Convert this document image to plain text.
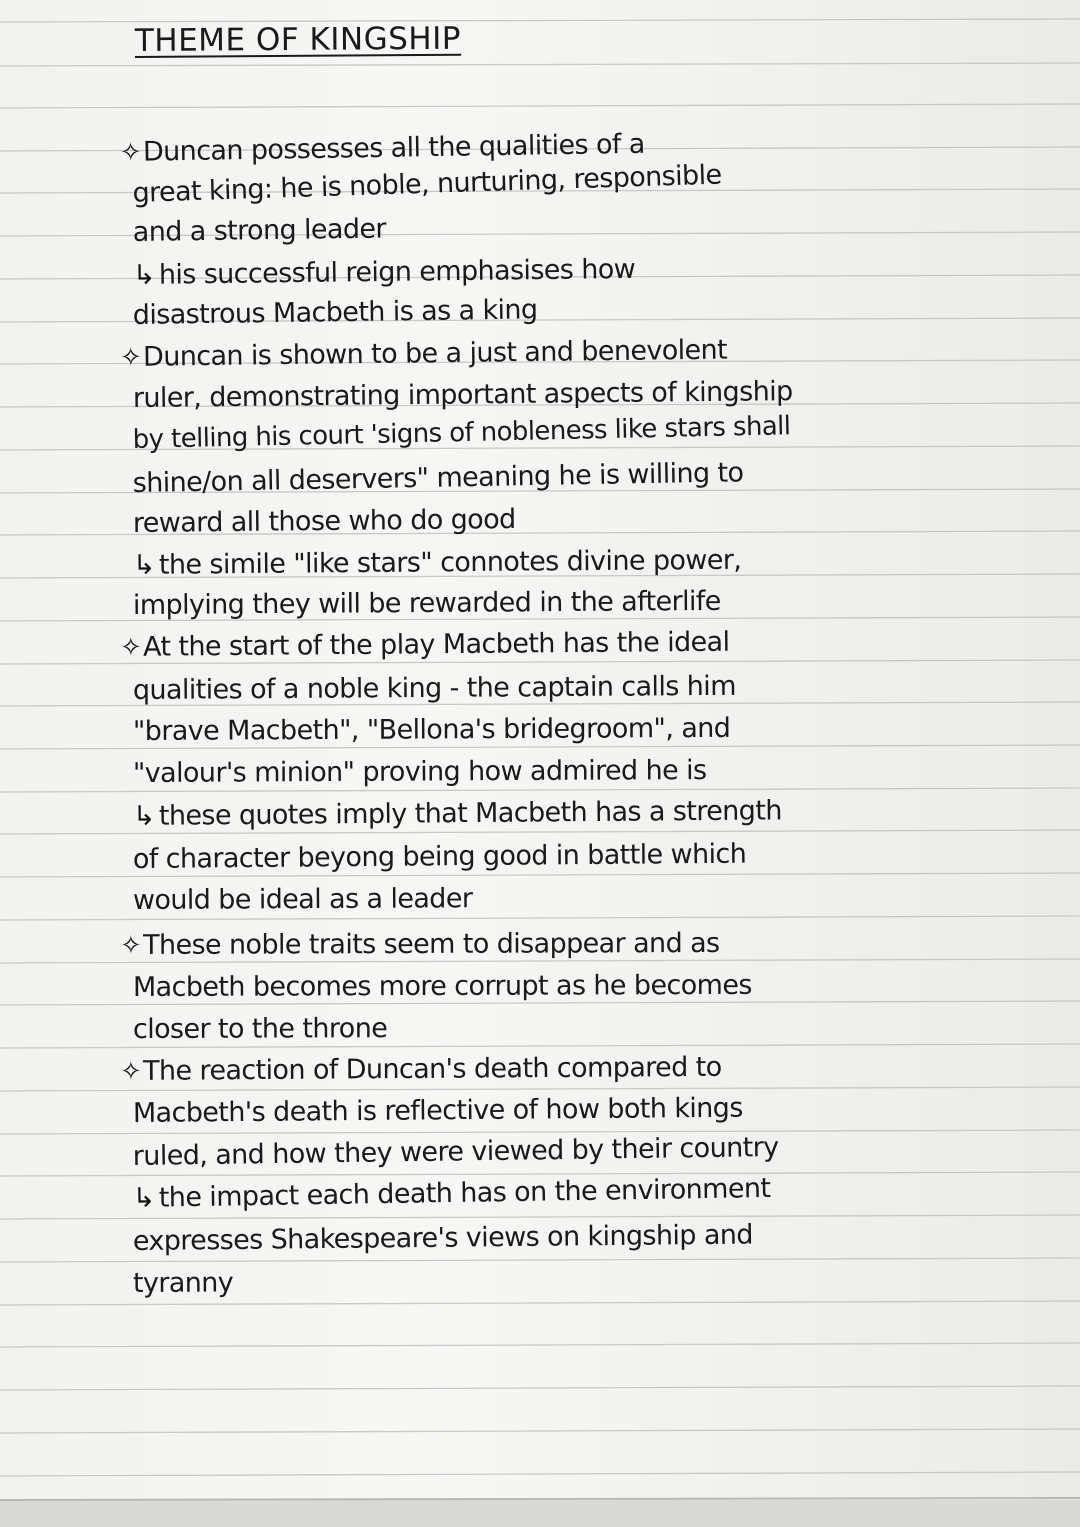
THEME OF KINGSHIP
✧Duncan possesses all the qualities of a
great king: he is noble, nurturing, responsible
and a strong leader
↳ his successful reign emphasises how
disastrous Macbeth is as a king
✧Duncan is shown to be a just and benevolent
ruler, demonstrating important aspects of kingship
by telling his court 'signs of nobleness like stars shall
shine/on all deservers" meaning he is willing to
reward all those who do good
↳ the simile "like stars" connotes divine power,
implying they will be rewarded in the afterlife
✧At the start of the play Macbeth has the ideal
qualities of a noble king - the captain calls him
"brave Macbeth", "Bellona's bridegroom", and
"valour's minion" proving how admired he is
↳ these quotes imply that Macbeth has a strength
of character beyong being good in battle which
would be ideal as a leader
✧These noble traits seem to disappear and as
Macbeth becomes more corrupt as he becomes
closer to the throne
✧The reaction of Duncan's death compared to
Macbeth's death is reflective of how both kings
ruled, and how they were viewed by their country
↳ the impact each death has on the environment
expresses Shakespeare's views on kingship and
tyranny
